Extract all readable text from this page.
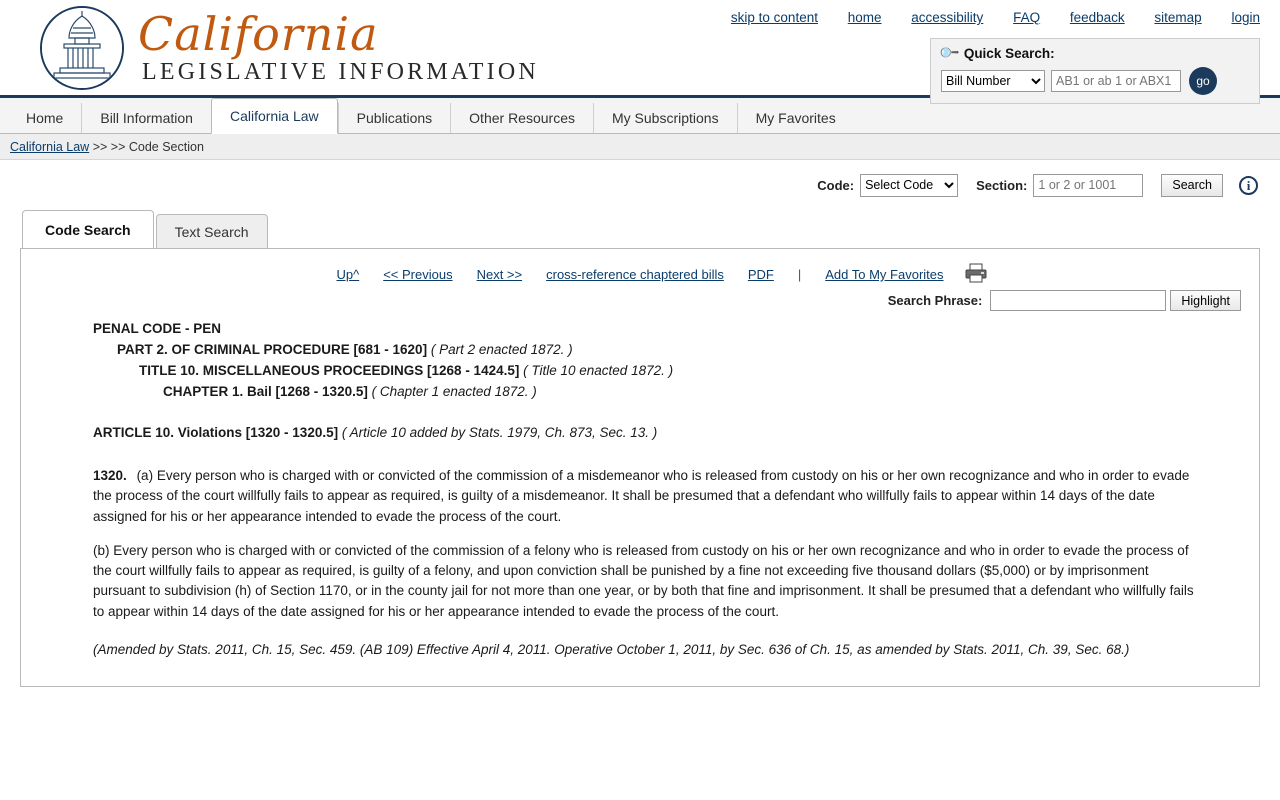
California
LEGISLATIVE INFORMATION
skip to content home accessibility FAQ feedback sitemap login
🔍 Quick Search:
Bill Number
AB1 or ab 1 or ABX1 1
go
Home	Bill Information	California Law	Publications	Other Resources	My Subscriptions	My Favorites
California Law >> >> Code Section
Code:
Select Code	Section:
1 or 2 or 1001	Search	i
Code Search	Text Search
Up^ << Previous Next >> cross-reference chaptered bills PDF | Add To My Favorites
Search Phrase:	Highlight
PENAL CODE - PEN
PART 2. OF CRIMINAL PROCEDURE [681 - 1620] ( Part 2 enacted 1872. )
TITLE 10. MISCELLANEOUS PROCEEDINGS [1268 - 1424.5] ( Title 10 enacted 1872. )
CHAPTER 1. Bail [1268 - 1320.5] ( Chapter 1 enacted 1872. )
ARTICLE 10. Violations [1320 - 1320.5] ( Article 10 added by Stats. 1979, Ch. 873, Sec. 13. )
1320. (a) Every person who is charged with or convicted of the commission of a misdemeanor who is released from custody on his or her own recognizance and who in order to evade the process of the court willfully fails to appear as required, is guilty of a misdemeanor. It shall be presumed that a defendant who willfully fails to appear within 14 days of the date assigned for his or her appearance intended to evade the process of the court.
(b) Every person who is charged with or convicted of the commission of a felony who is released from custody on his or her own recognizance and who in order to evade the process of the court willfully fails to appear as required, is guilty of a felony, and upon conviction shall be punished by a fine not exceeding five thousand dollars ($5,000) or by imprisonment pursuant to subdivision (h) of Section 1170, or in the county jail for not more than one year, or by both that fine and imprisonment. It shall be presumed that a defendant who willfully fails to appear within 14 days of the date assigned for his or her appearance intended to evade the process of the court.
(Amended by Stats. 2011, Ch. 15, Sec. 459. (AB 109) Effective April 4, 2011. Operative October 1, 2011, by Sec. 636 of Ch. 15, as amended by Stats. 2011, Ch. 39, Sec. 68.)
